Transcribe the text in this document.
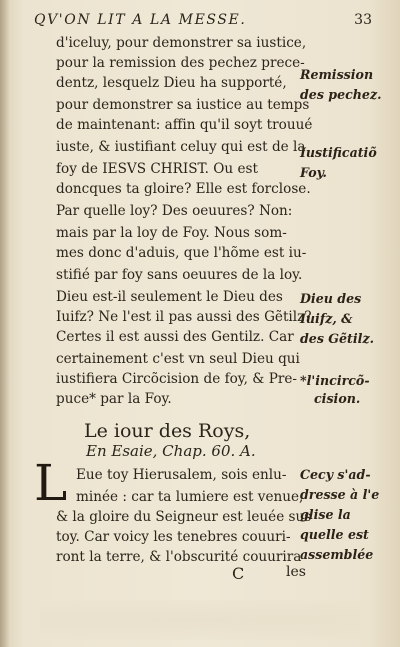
QV'ON LIT A LA MESSE.	33
d'iceluy, pour demonstrer sa iustice,
pour la remission des pechez prece-
dentz, lesquelz Dieu ha supporté,
pour demonstrer sa iustice au temps
de maintenant: affin qu'il soyt trouué
iuste, & iustifiant celuy qui est de la
foy de IESVS CHRIST. Ou est
doncques ta gloire? Elle est forclose.
Par quelle loy? Des oeuures? Non:
mais par la loy de Foy. Nous som-
mes donc d'aduis, que l'hõme est iu-
stifié par foy sans oeuures de la loy.
Dieu est-il seulement le Dieu des
Iuifz? Ne l'est il pas aussi des Gẽtilz?
Certes il est aussi des Gentilz. Car
certainement c'est vn seul Dieu qui
iustifiera Circõcision de foy, & Pre-
puce* par la Foy.
Remission
des pechez.
Iustificatiõ
Foy.
Dieu des
Iuifz, &
des Gẽtilz.
*l'incircõ-
cision.
Cecy s'ad-
dresse à l'e
glise la
quelle est
assemblée
Le iour des Roys,
En Esaie, Chap. 60. A.
L Eue toy Hierusalem, sois enlu-
minée : car ta lumiere est venue,
& la gloire du Seigneur est leuée sus
toy. Car voicy les tenebres couuri-
ront la terre, & l'obscurité couurira
C	les
